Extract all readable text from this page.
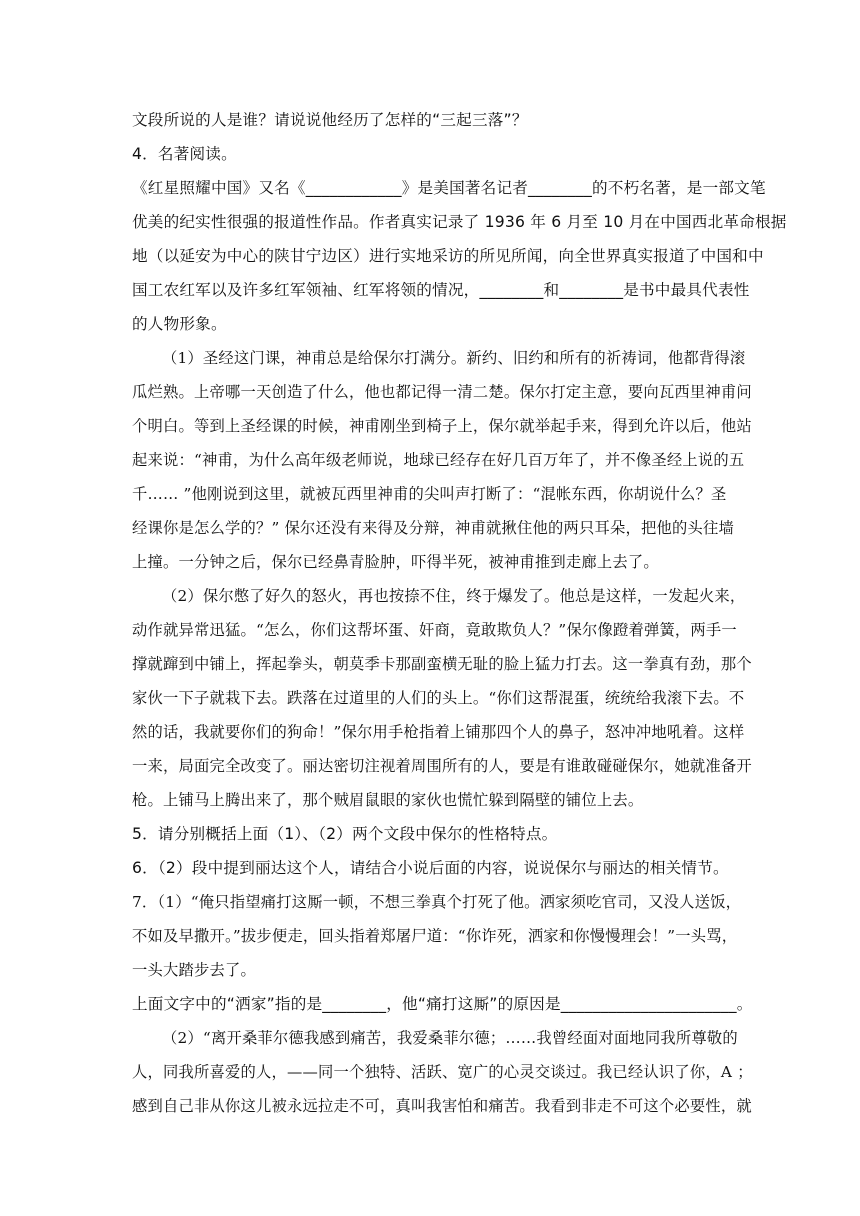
文段所说的人是谁？请说说他经历了怎样的“三起三落”？
4．名著阅读。
《红星照耀中国》又名《____________》是美国著名记者________的不朽名著，是一部文笔
优美的纪实性很强的报道性作品。作者真实记录了 1936 年 6 月至 10 月在中国西北革命根据
地（以延安为中心的陕甘宁边区）进行实地采访的所见所闻，向全世界真实报道了中国和中
国工农红军以及许多红军领袖、红军将领的情况，________和________是书中最具代表性
的人物形象。
（1）圣经这门课，神甫总是给保尔打满分。新约、旧约和所有的祈祷词，他都背得滚
瓜烂熟。上帝哪一天创造了什么，他也都记得一清二楚。保尔打定主意，要向瓦西里神甫问
个明白。等到上圣经课的时候，神甫刚坐到椅子上，保尔就举起手来，得到允许以后，他站
起来说：“神甫，为什么高年级老师说，地球已经存在好几百万年了，并不像圣经上说的五
千…… ”他刚说到这里，就被瓦西里神甫的尖叫声打断了：“混帐东西，你胡说什么？圣
经课你是怎么学的？” 保尔还没有来得及分辩，神甫就揪住他的两只耳朵，把他的头往墙
上撞。一分钟之后，保尔已经鼻青脸肿，吓得半死，被神甫推到走廊上去了。
（2）保尔憋了好久的怒火，再也按捺不住，终于爆发了。他总是这样，一发起火来，
动作就异常迅猛。“怎么，你们这帮坏蛋、奸商，竟敢欺负人？”保尔像蹬着弹簧，两手一
撑就蹿到中铺上，挥起拳头，朝莫季卡那副蛮横无耻的脸上猛力打去。这一拳真有劲，那个
家伙一下子就栽下去。跌落在过道里的人们的头上。“你们这帮混蛋，统统给我滚下去。不
然的话，我就要你们的狗命！”保尔用手枪指着上铺那四个人的鼻子，怒冲冲地吼着。这样
一来，局面完全改变了。丽达密切注视着周围所有的人，要是有谁敢碰碰保尔，她就准备开
枪。上铺马上腾出来了，那个贼眉鼠眼的家伙也慌忙躲到隔壁的铺位上去。
5．请分别概括上面（1）、（2）两个文段中保尔的性格特点。
6．（2）段中提到丽达这个人，请结合小说后面的内容，说说保尔与丽达的相关情节。
7．（1）“俺只指望痛打这厮一顿，不想三拳真个打死了他。洒家须吃官司，又没人送饭，
不如及早撒开。”拔步便走，回头指着郑屠尸道：“你诈死，洒家和你慢慢理会！”一头骂，
一头大踏步去了。
上面文字中的“洒家”指的是________，他“痛打这厮”的原因是______________________。
（2）“离开桑菲尔德我感到痛苦，我爱桑菲尔德；……我曾经面对面地同我所尊敬的
人，同我所喜爱的人，——同一个独特、活跃、宽广的心灵交谈过。我已经认识了你，A ；
感到自己非从你这儿被永远拉走不可，真叫我害怕和痛苦。我看到非走不可这个必要性，就
